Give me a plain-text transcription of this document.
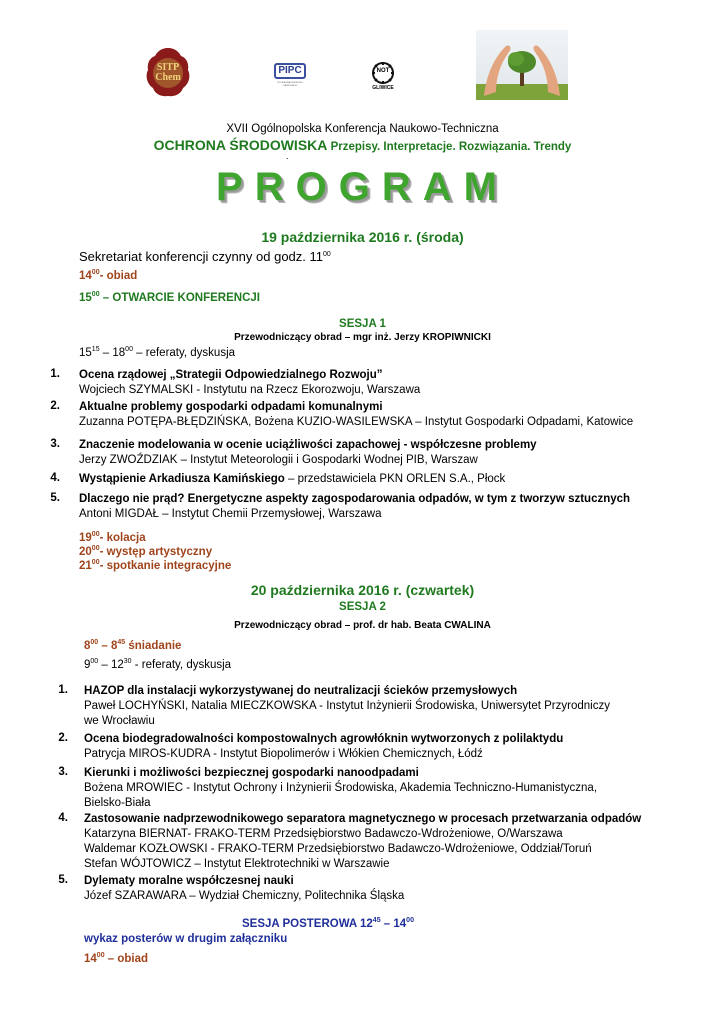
SITP Chem
PIPC
POLSKA IZBA PRZEMYSŁU CHEMICZNEGO
NOT
GLIWICE
XVII Ogólnopolska Konferencja Naukowo-Techniczna
OCHRONA ŚRODOWISKA Przepisy. Interpretacje. Rozwiązania. Trendy
.
PROGRAM
19 października 2016 r. (środa)
Sekretariat konferencji czynny od godz. $11^{00}$
$14^{00}-$ obiad
$15^{00}$ – OTWARCIE KONFERENCJI
SESJA 1
Przewodniczący obrad – mgr inż. Jerzy KROPIWNICKI
$15^{15} - 18^{00}$ – referaty, dyskusja
1. Ocena rządowej „Strategii Odpowiedzialnego Rozwoju”
Wojciech SZYMALSKI - Instytutu na Rzecz Ekorozwoju, Warszawa
2. Aktualne problemy gospodarki odpadami komunalnymi
Zuzanna POTĘPA-BŁĘDZIŃSKA, Bożena KUZIO-WASILEWSKA – Instytut Gospodarki Odpadami, Katowice
3. Znaczenie modelowania w ocenie uciążliwości zapachowej - współczesne problemy
Jerzy ZWOŹDZIAK – Instytut Meteorologii i Gospodarki Wodnej PIB, Warszaw
4. Wystąpienie Arkadiusza Kamińskiego – przedstawiciela PKN ORLEN S.A., Płock
5. Dlaczego nie prąd? Energetyczne aspekty zagospodarowania odpadów, w tym z tworzyw sztucznych
Antoni MIGDAŁ – Instytut Chemii Przemysłowej, Warszawa
$19^{00}-$ kolacja
$20^{00}-$ występ artystyczny
$21^{00}-$ spotkanie integracyjne
20 października 2016 r. (czwartek)
SESJA 2
Przewodniczący obrad – prof. dr hab. Beata CWALINA
$8^{00} - 8^{45}$ śniadanie
$9^{00} - 12^{30}$ - referaty, dyskusja
1. HAZOP dla instalacji wykorzystywanej do neutralizacji ścieków przemysłowych
Paweł LOCHYŃSKI, Natalia MIECZKOWSKA - Instytut Inżynierii Środowiska, Uniwersytet Przyrodniczy
we Wrocławiu
2. Ocena biodegradowalności kompostowalnych agrowłóknin wytworzonych z polilaktydu
Patrycja MIROS-KUDRA - Instytut Biopolimerów i Włókien Chemicznych, Łódź
3. Kierunki i możliwości bezpiecznej gospodarki nanoodpadami
Bożena MROWIEC - Instytut Ochrony i Inżynierii Środowiska, Akademia Techniczno-Humanistyczna,
Bielsko-Biała
4. Zastosowanie nadprzewodnikowego separatora magnetycznego w procesach przetwarzania odpadów
Katarzyna BIERNAT- FRAKO-TERM Przedsiębiorstwo Badawczo-Wdrożeniowe, O/Warszawa
Waldemar KOZŁOWSKI - FRAKO-TERM Przedsiębiorstwo Badawczo-Wdrożeniowe, Oddział/Toruń
Stefan WÓJTOWICZ – Instytut Elektrotechniki w Warszawie
5. Dylematy moralne współczesnej nauki
Józef SZARAWARA – Wydział Chemiczny, Politechnika Śląska
SESJA POSTEROWA $12^{45} - 14^{00}$
wykaz posterów w drugim załączniku
$14^{00}$ – obiad
